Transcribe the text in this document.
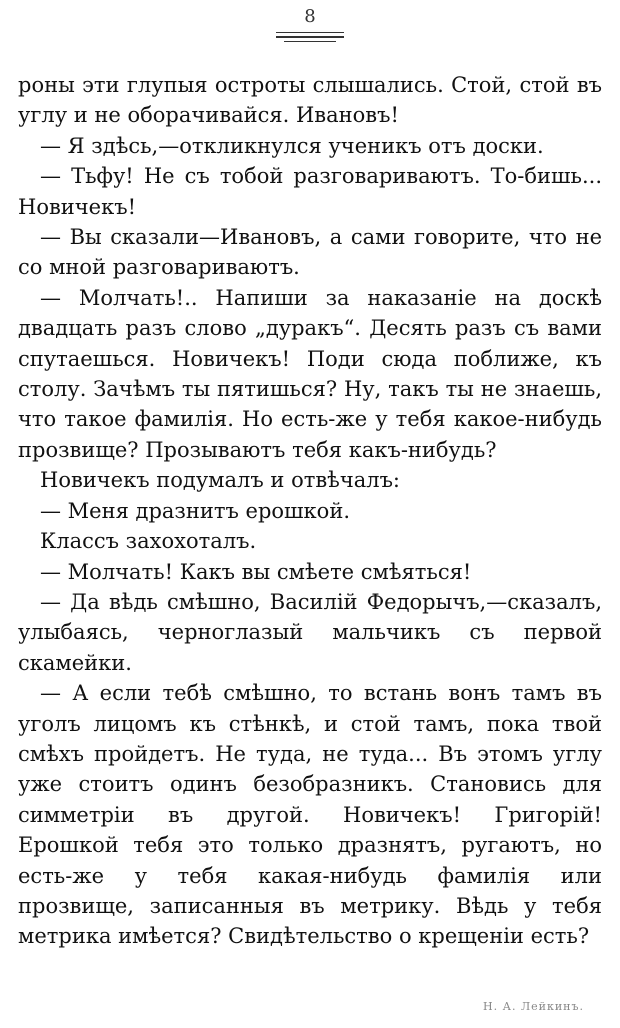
8

роны эти глупыя остроты слышались. Стой, стой въ углу и не оборачивайся. Ивановъ!

— Я здѣсь,—откликнулся ученикъ отъ доски.

— Тьфу! Не съ тобой разговариваютъ. То-бишь... Новичекъ!

— Вы сказали—Ивановъ, а сами говорите, что не со мной разговариваютъ.

— Молчать!.. Напиши за наказаніе на доскѣ двадцать разъ слово „дуракъ“. Десять разъ съ вами спутаешься. Новичекъ! Поди сюда поближе, къ столу. Зачѣмъ ты пятишься? Ну, такъ ты не знаешь, что такое фамилія. Но есть-же у тебя какое-нибудь прозвище? Прозываютъ тебя какъ-нибудь?

Новичекъ подумалъ и отвѣчалъ:

— Меня дразнитъ ерошкой.

Классъ захохоталъ.

— Молчать! Какъ вы смѣете смѣяться!

— Да вѣдь смѣшно, Василій Федорычъ,—сказалъ, улыбаясь, черноглазый мальчикъ съ первой скамейки.

— А если тебѣ смѣшно, то встань вонъ тамъ въ уголъ лицомъ къ стѣнкѣ, и стой тамъ, пока твой смѣхъ пройдетъ. Не туда, не туда... Въ этомъ углу уже стоитъ одинъ безобразникъ. Становись для симметріи въ другой. Новичекъ! Григорій! Ерошкой тебя это только дразнятъ, ругаютъ, но есть-же у тебя какая-нибудь фамилія или прозвище, записанныя въ метрику. Вѣдь у тебя метрика имѣется? Свидѣтельство о крещеніи есть?

Н. А. Лейкинъ.
